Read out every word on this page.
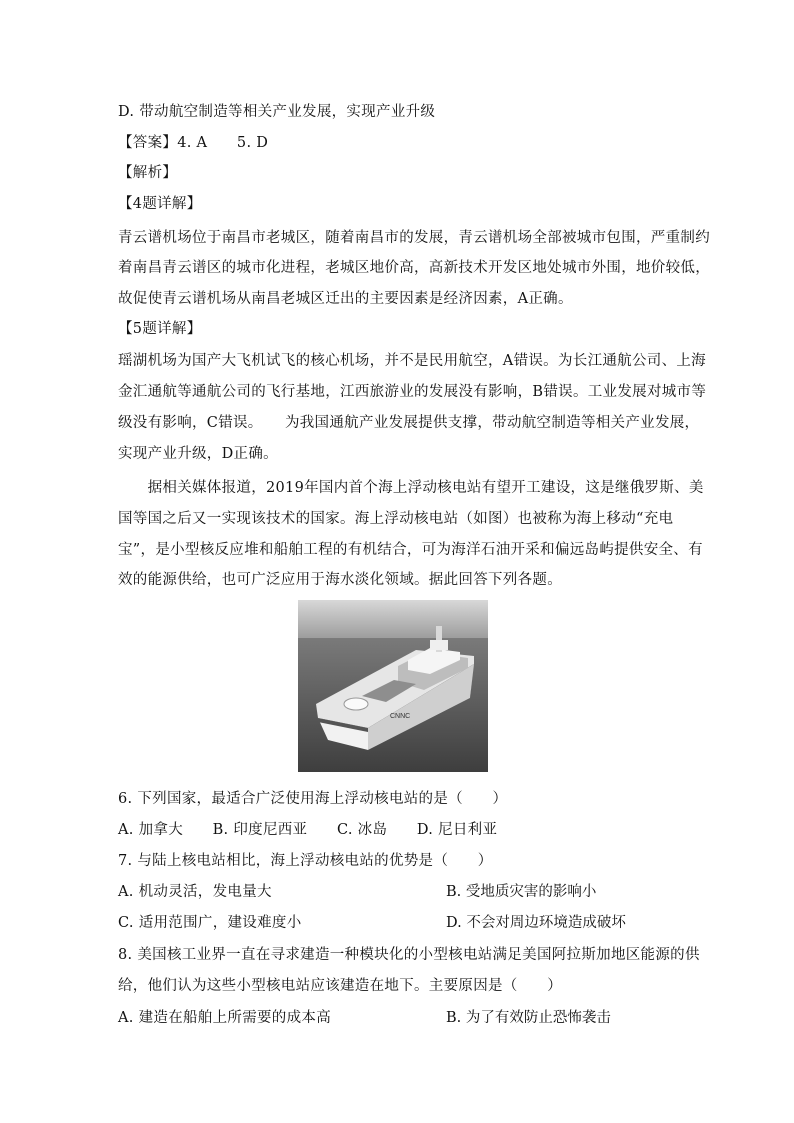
D. 带动航空制造等相关产业发展，实现产业升级
【答案】4. A　　5. D
【解析】
【4题详解】
青云谱机场位于南昌市老城区，随着南昌市的发展，青云谱机场全部被城市包围，严重制约
着南昌青云谱区的城市化进程，老城区地价高，高新技术开发区地处城市外围，地价较低，
故促使青云谱机场从南昌老城区迁出的主要因素是经济因素，A正确。
【5题详解】
瑶湖机场为国产大飞机试飞的核心机场，并不是民用航空，A错误。为长江通航公司、上海
金汇通航等通航公司的飞行基地，江西旅游业的发展没有影响，B错误。工业发展对城市等
级没有影响，C错误。　　为我国通航产业发展提供支撑，带动航空制造等相关产业发展，
实现产业升级，D正确。
　　据相关媒体报道，2019年国内首个海上浮动核电站有望开工建设，这是继俄罗斯、美
国等国之后又一实现该技术的国家。海上浮动核电站（如图）也被称为海上移动“充电
宝”，是小型核反应堆和船舶工程的有机结合，可为海洋石油开采和偏远岛屿提供安全、有
效的能源供给，也可广泛应用于海水淡化领域。据此回答下列各题。
CNNC
6. 下列国家，最适合广泛使用海上浮动核电站的是（　　）
A. 加拿大　　B. 印度尼西亚　　C. 冰岛　　D. 尼日利亚
7. 与陆上核电站相比，海上浮动核电站的优势是（　　）
A. 机动灵活，发电量大	B. 受地质灾害的影响小
C. 适用范围广，建设难度小	D. 不会对周边环境造成破坏
8. 美国核工业界一直在寻求建造一种模块化的小型核电站满足美国阿拉斯加地区能源的供
给，他们认为这些小型核电站应该建造在地下。主要原因是（　　）
A. 建造在船舶上所需要的成本高	B. 为了有效防止恐怖袭击
